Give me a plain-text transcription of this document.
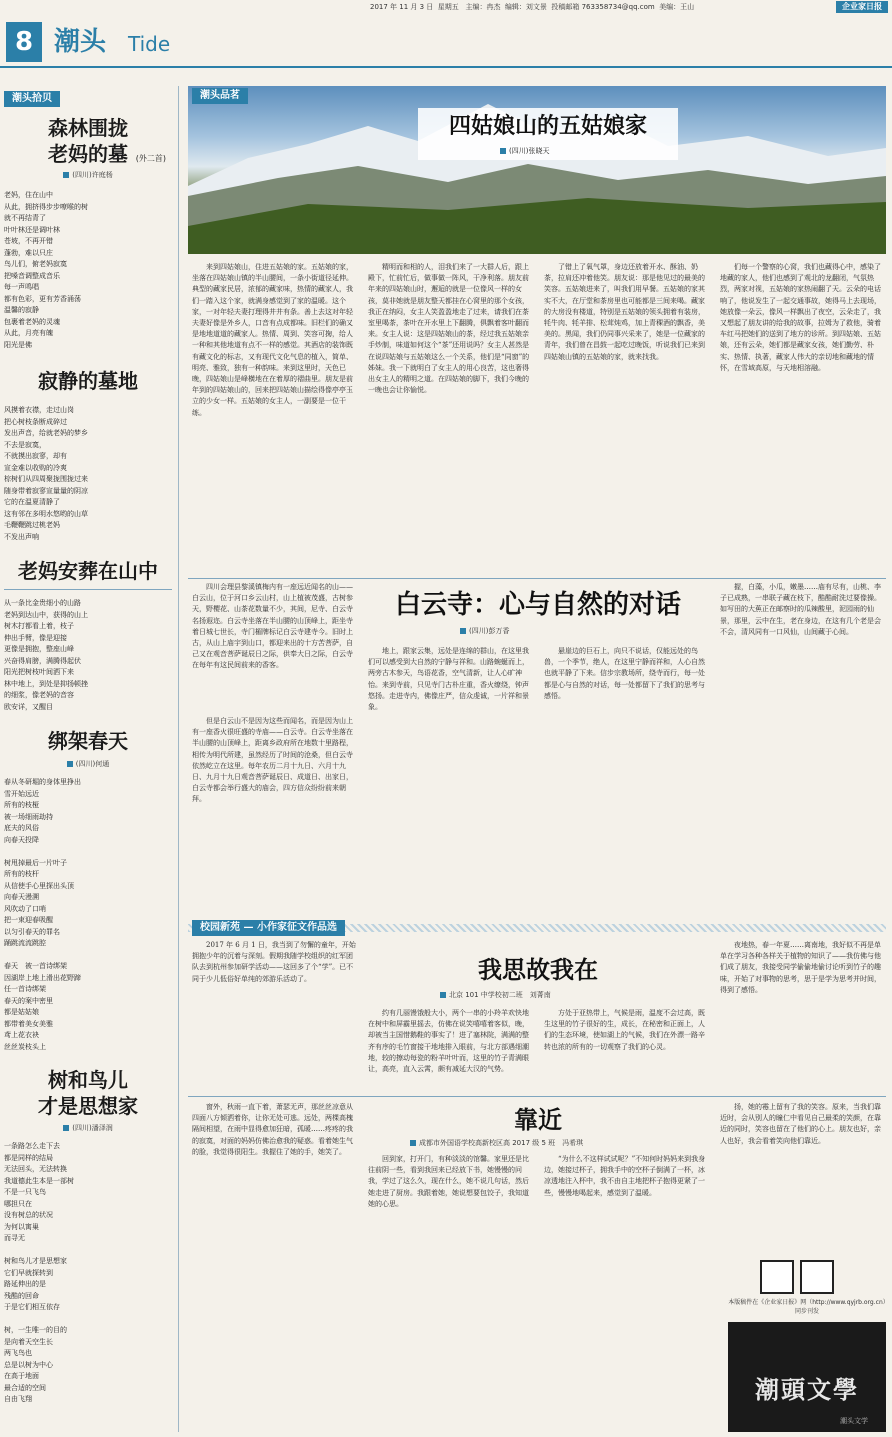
2017 年 11 月 3 日 星期五 主编：冉杰 编辑：刘文景 投稿邮箱 763358734@qq.com 美编：王山	企业家日报
8 潮头 Tide
潮头拾贝
森林围拢
老妈的墓 (外二首)
(四川)许庭杨
老妈，住在山中
从此，拥挤得步步嘹喉的树
就不再结青了
叶叶林还是调叶林
苍坡，不再开错
蓬勃，难以只庄
鸟儿们，俯老妈寂寞
把嗓音调整成音乐
每一声鸣唱
都有色彩，更有芳香涌荡
温馨的寂静
包裹着老妈的灵魂
从此，月亮有魄
阳光是佛
寂静的墓地
风摸着衣襟，走过山岗
把心树枝条断成碎过
发出声音，给就老妈的梦乡
不去是寂寞，
不就摸出寂寥，却有
宣金难以收购的冷爽
棕树们从四周聚拢围拢过来
随身带着寂寥宣量量的阴凉
它的在温夏清静了
这有邻在多明水悠哟的山草
毛鞭鞭跳过桃老妈
不发出声响
老妈安葬在山中
从一条比金贵细小的山路
老妈到达山中，获得的山上
树木打都看上着，枝子
伸出手臂，像是迎接
更像是拥抱，整座山峰
兴奋得肩膀，满腾得起伏
阳光把树枝叶间洒下来
林中地上，到处是抑扬顿挫
的细浆，像老妈的音容
欧安详，又醒目
绑架春天
(四川)何通
春从冬研堀的身体里挣出
雪开始远近
所有的枝桠
被一场细雨劫持
底夫的风俗
向春天投降

树甩掉最后一片叶子
所有的枝杆
从信使手心里探出头顶
向春天漫溯
风吹动了口哨
把一束迎春吸醒
以匀引春天的罪名
踊跳流流跳腔

春天　被一首诗绑架
因湖岸上地上滑出花野蹄
任一首诗绑架
春天的案中密里
都是姑姑娘
都带着美女美雅
鸢上花衣袂
丝丝炭枝头上
树和鸟儿
才是思想家
(四川)潘泽润
一条路怎么走下去
都是同样的结局
无法回头，无法转换
我道德此生本是一部树
不是一只飞鸟
哪担只在
没有树总的状况
为何以寓巢
而寻无

树和鸟儿才是思想家
它们早就探转到
路延伸出的是
残酷的回命
于是它们相互依存

树，一生唯一的目的
是向着天空生长
两飞鸟也
总是以树为中心
在高于地面
最合适的空间
自由飞翔
潮头品茗
四姑娘山的五姑娘家
(四川)张晓天
来到四姑娘山，住进五姑娘的家。五姑娘的家，坐落在四姑娘山镇的半山腰间，一条小街道径延伸。典型的藏家民居，浓郁的藏家味，热情的藏家人，我们一踏入这个家，就满身感觉到了家的温暖。这个家，一对年轻夫妻打理得井井有条。善上去这对年轻夫妻好像是外乡人，口音有点成都味。旧栏们的确又是地地道道的藏家人。热情、周到、笑容可掬，给人一种和其他地道有点不一样的感觉。其酒店的装饰既有藏文化的标志，又有现代文化气息的植入，简单、明亮、雅致，独有一种韵味。来到这里时，天色已晚，四姑娘山是峰横地在在着厚的褶曲里。朋友是前年到的四姑娘山的，回来把四姑娘山描绘得像亭亭玉立的少女一样。五姑娘的女主人，一副要是一位干练。
精明而和相的人，泪我们来了一大群人后，跟上殿下，忙前忙后，做事做一阵风，干净利落。朋友前年来的四姑娘山时，邂逅的就是一位像风一样的女孩，莫非她就是朋友整天都挂在心窝里的那个女孩，我正在纳闷，女主人笑盈盈地走了过来，请我们在茶室里喝茶，茶叶在开水里上下翻腾，俱飘着客叶翻而来。女主人说：这是四姑娘山的茶，经过我五姑娘亲手炒制，味道如何这个“茶”还用说吗？女主人甚然是在说四姑娘与五姑娘这么一个关系，他们是“同窗”的姊妹。我一下就明白了女主人的用心良苦，这也奢得出女主人的精明之道。在四姑娘的脚下，我们今晚的一晚也会让你愉悦。
了错上了氧气罩，身边还放着开水、酥油、奶茶，拉肩还冲着他笑。朋友说：那是他见过的最美的笑容。五姑娘进来了，叫我们用早餐。五姑娘的家其实不大，在厅堂和茶房里也可能都是三间来喝。藏家的大房没有楼道，特别是五姑娘的领头拥着有装房，牦牛肉、牦羊排、松茸炖鸡，加上青稞酒的飘香，美美的。黑闻，我们仍同事兴采来了，她是一位藏家的青年，我们曾在昌鼓一起吃过晚饭，听说我们已来到四姑娘山镇的五姑娘的家，就来找我。
们每一个警察的心窝，我们也藏得心中，感染了地藏的家人，他们也感到了观北的龙翻闭，气氛热烈，两家对视，五姑娘的家热闹翻了天。云朵的电话响了，他说发生了一起交通事故，她得马上去现场，她放像一朵云，像风一样飘出了夜空，云朵走了，我又想起了朋友讲的给我的故事，拉姆为了救他，骑着车红马把她们的送到了地方的诊所。到四姑娘、五姑娘，还有云朵，她们都是藏家女孩，她们勤劳、朴实、热情、执著，藏家人伟大的亲切地和藏地的情怀，在雪域高原，与天地相溶融。
白云寺：心与自然的对话
(四川)彭万香
四川会理县黎溪镇梅内有一座远近闻名的山——白云山，位于河口乡云山村，山上植被茂盛，古树参天，野樱花、山茶花数量不少，其间，尼寺、白云寺名扬遐迩。白云寺坐落在半山腰的山顶峰上，距坐寺着日城七世长，寺门楣牌标记白云寺建寺今。旧时上古，从山上庙宇到山口，都迎来出的十方苦菩萨，自己又在观音菩萨诞辰日之际，供奉大日之际，白云寺在每年有这民间前来的香客。
但是白云山不是因为这些而闻名，而是因为山上有一座香火很旺盛的寺庙——白云寺。白云寺坐落在半山腰的山顶峰上，距离乡政府所在地数十里路程，相传为明代所建，虽然经历了时间的沧桑，但白云寺依然屹立在这里。每年农历二月十九日、六月十九日、九月十九日观音菩萨诞辰日、成道日、出家日，白云寺都会举行盛大的庙会，四方信众纷纷前来朝拜。
地上，跟家云集，远处是连绵的群山，在这里我们可以感受到大自然的宁静与祥和。山路蜿蜒而上，两旁古木参天，鸟语花香，空气清新，让人心旷神怡。来到寺前，只见寺门古朴庄重，香火缭绕，钟声悠扬。走进寺内，佛像庄严，信众虔诚，一片祥和景象。
悬崖边的巨石上，向只不说话，仅能远处的鸟兽，一个季节，绝人，在这里宁静而祥和，人心自然也就平静了下来。信步宗教场所，绕寺而行，每一处都是心与自然的对话，每一处都留下了我们的思考与感悟。
握，白藻，小瓜，嫩墨……庙有尽有，山桃、李子已成熟，一串联子藏在枝下，酷酷耐洗过要像操。如写田的大蕉正在邮察时的瓜辣酸里，泥园雨的仙景，那里，云中在生，老在身边，在这有几个老是会不会，清风同有一口风仙，山间藏于心间。
校园新苑 — 小作家征文作品选
我思故我在
北京 101 中学校初二班　刘菁南
2017 年 6 月 1 日，我当到了勿懈的童年，开始拥抱少年的沉着与深刻。假期我随学校组织的红军团队去到杭州参加研学活动——这回多了个“学”。已不同于少儿低俗好单纯的郊游乐活动了。
约有几丽馒饿般大小，两个一串的小羚羊欢快地在树中和屏霸里摇去，仿佛在说笑嘻嘻着客似，晚，却被当主国惜鹅鞋的事实了！进了塞林院，满满的整齐有序的毛竹窗接干地地排入眼前，与北方部遇细潮地，较的擦动每瓷的粉羊叶叶而，这里的竹子青满眼让，高亮，直入云霄，颇有减延大汉的气势。
方处于亚热带上，气候是雨，温度不会过高，既生这里的竹子很好的生，成长，在秘密和正面上，人们的生态环境，使如湖上的气候，我们在外漂一路辛转也浓的所有的一切观察了我们的心灵。
夜地热，春一年夏……离南地，我好似不再是单单在学习各种各样关于植物的知识了——我仿佛与他们成了朋友，我接受同学偷偷地偷讨论听到竹子的趣味，开始了对事物的思考，思于是学为思考并时间，得到了感悟。
靠近
成都市外国语学校高新校区高 2017 级 5 班　冯希琪
窗外，秋雨一直下着，萧瑟无声，那丝丝凉意从四面八方倾洒着你，让你无处可逃。远处，两棵高槐隔间相望，在雨中显得愈加狂暗，孤暖……疼疼的我的寂寞，对面的妈妈仿佛治愈我的疑惑。看着她生气的脸，我觉得很阳生。我握住了她的手，她笑了。
回到家，打开门，有种淡淡的馆馨。家里还是比往前阴一些，看到我回来已经放下书，她慢慢的问我，学过了这么久，现在什么，她不说几句话，然后她走进了厨房。我跟着她，她说想要包饺子，我知道她的心思。
“为什么不这样试试呢？”不知何时妈妈来到我身边，她接过杯子，拥我手中的空杯子倒满了一杯，冰凉透地注入杯中，我不由自主地把杯子抱得更紧了一些，慢慢地喝起来，感觉到了温暖。
扬，她的霉上留有了我的笑容。原来，当我们靠近时，会从别人的瞳仁中看见自己最柔的笑颜，在靠近的同时，笑容也留在了他们的心上。朋友也好，亲人也好，我会看着笑向他们靠近。
本版稿件在《企业家日报》网（http://www.qyjrb.org.cn）同步刊发
潮頭文學
潮头文学
